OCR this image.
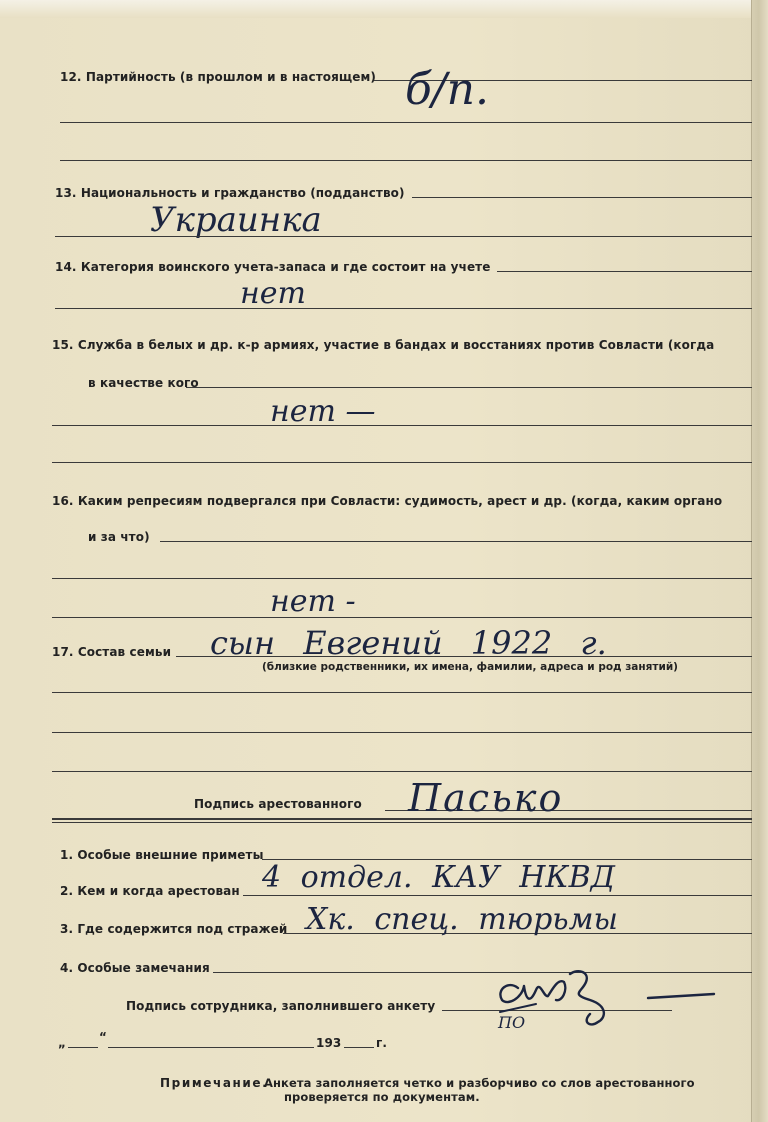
12. Партийность (в прошлом и в настоящем) б/п.
13. Национальность и гражданство (подданство)
Украинка
14. Категория воинского учета-запаса и где состоит на учете
нет
15. Служба в белых и др. к-р армиях, участие в бандах и восстаниях против Совласти (когда
в качестве кого
нет —
16. Каким репресиям подвергался при Совласти: судимость, арест и др. (когда, каким органо
и за что)
нет -
17. Состав семьи сын Евгений 1922 г.
(близкие родственники, их имена, фамилии, адреса и род занятий)
Подпись арестованного Пасько
1. Особые внешние приметы
2. Кем и когда арестован 4 отдел. КАУ НКВД
3. Где содержится под стражей Хк. спец. тюрьмы
4. Особые замечания
Подпись сотрудника, заполнившего анкету
ПО
„	“	193	г.
Примечание.
Анкета заполняется четко и разборчиво со слов арестованного
проверяется по документам.
